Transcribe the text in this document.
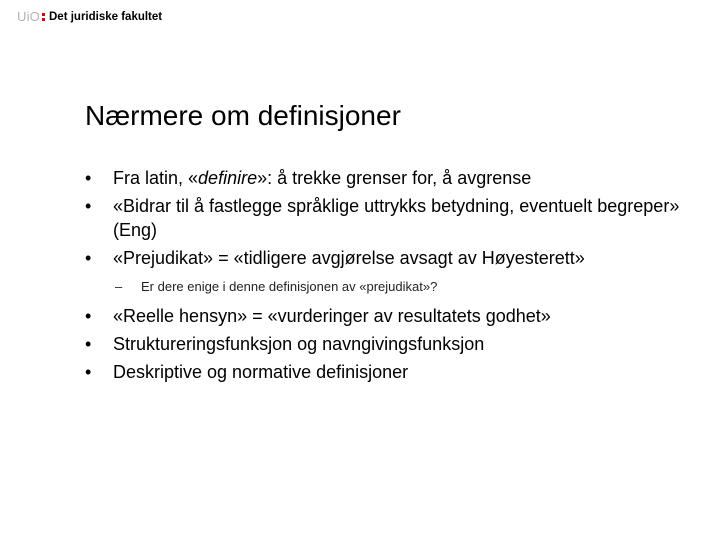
UiO Det juridiske fakultet
Nærmere om definisjoner
•	Fra latin, «definire»: å trekke grenser for, å avgrense
•	«Bidrar til å fastlegge språklige uttrykks betydning, eventuelt begreper» (Eng)
•	«Prejudikat» = «tidligere avgjørelse avsagt av Høyesterett»
–	Er dere enige i denne definisjonen av «prejudikat»?
•	«Reelle hensyn» = «vurderinger av resultatets godhet»
•	Struktureringsfunksjon og navngivingsfunksjon
•	Deskriptive og normative definisjoner
